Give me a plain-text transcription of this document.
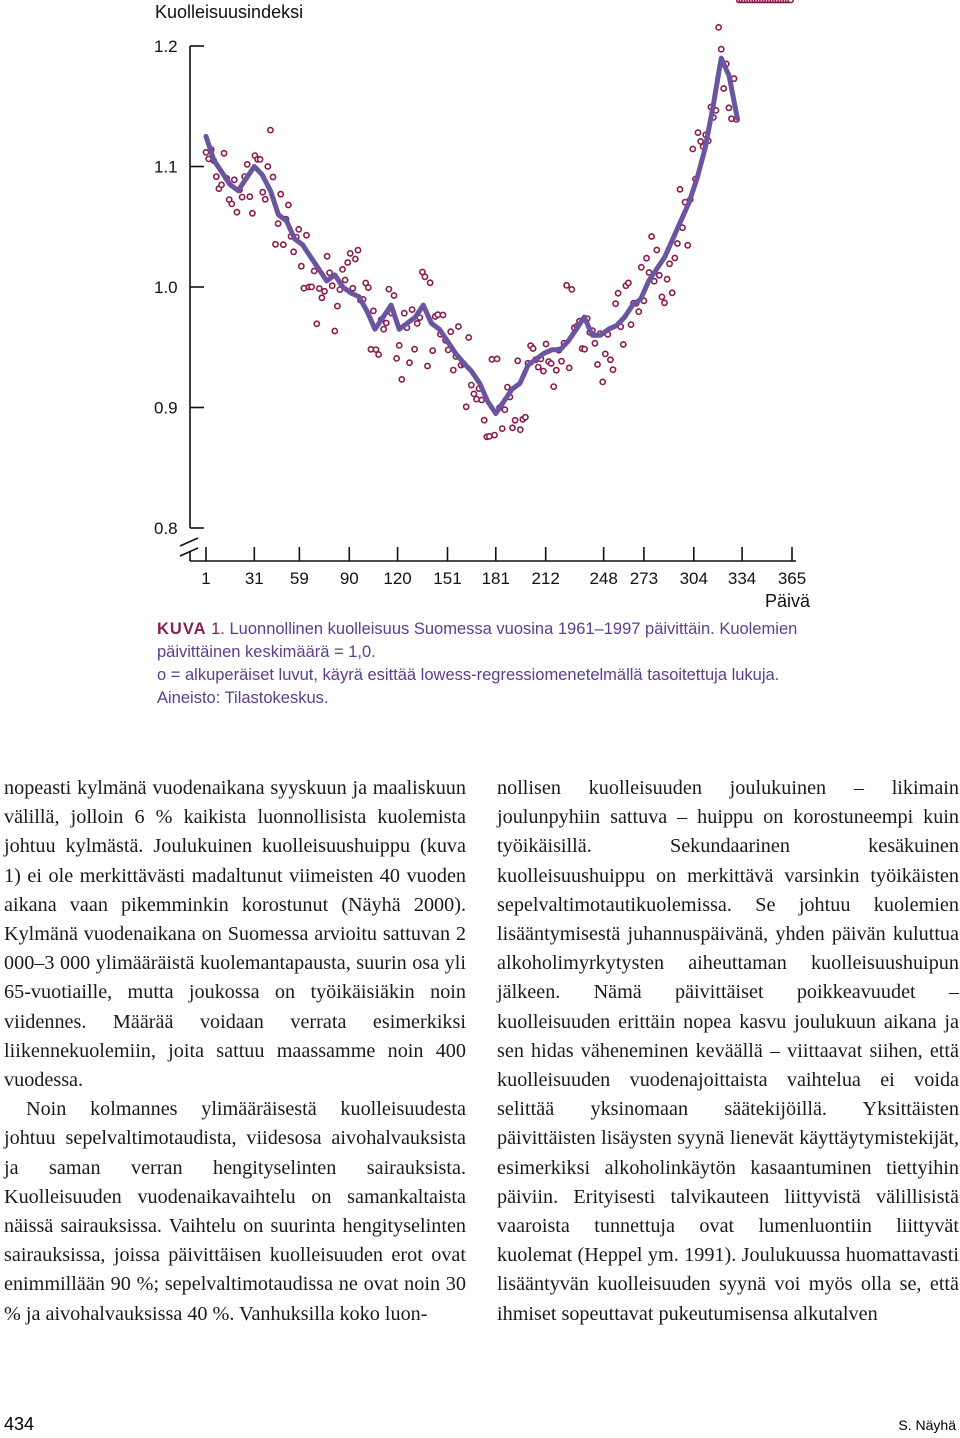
Kuolleisuusindeksi
1.2
1.1
1.0
0.9
0.8
1 31 59 90 120 151 181 212 248 273 304 334 365
Päivä
KUVA 1. Luonnollinen kuolleisuus Suomessa vuosina 1961–1997 päivittäin. Kuolemien päivittäinen keskimäärä = 1,0.
o = alkuperäiset luvut, käyrä esittää lowess-regressiomenetelmällä tasoitettuja lukuja.
Aineisto: Tilastokeskus.

nopeasti kylmänä vuodenaikana syyskuun ja maaliskuun välillä, jolloin 6 % kaikista luonnollisista kuolemista johtuu kylmästä. Joulukuinen kuolleisuushuippu (kuva 1) ei ole merkittävästi madaltunut viimeisten 40 vuoden aikana vaan pikemminkin korostunut (Näyhä 2000). Kylmänä vuodenaikana on Suomessa arvioitu sattuvan 2 000–3 000 ylimääräistä kuolemantapausta, suurin osa yli 65-vuotiaille, mutta joukossa on työikäisiäkin noin viidennes. Määrää voidaan verrata esimerkiksi liikennekuolemiin, joita sattuu maassamme noin 400 vuodessa.

Noin kolmannes ylimääräisestä kuolleisuudesta johtuu sepelvaltimotaudista, viidesosa aivohalvauksista ja saman verran hengityselinten sairauksista. Kuolleisuuden vuodenaikavaihtelu on samankaltaista näissä sairauksissa. Vaihtelu on suurinta hengityselinten sairauksissa, joissa päivittäisen kuolleisuuden erot ovat enimmillään 90 %; sepelvaltimotaudissa ne ovat noin 30 % ja aivohalvauksissa 40 %. Vanhuksilla koko luon-

nollisen kuolleisuuden joulukuinen – likimain joulunpyhiin sattuva – huippu on korostuneempi kuin työikäisillä. Sekundaarinen kesäkuinen kuolleisuushuippu on merkittävä varsinkin työikäisten sepelvaltimotautikuolemissa. Se johtuu kuolemien lisääntymisestä juhannuspäivänä, yhden päivän kuluttua alkoholimyrkytysten aiheuttaman kuolleisuushuipun jälkeen. Nämä päivittäiset poikkeavuudet – kuolleisuuden erittäin nopea kasvu joulukuun aikana ja sen hidas väheneminen keväällä – viittaavat siihen, että kuolleisuuden vuodenajoittaista vaihtelua ei voida selittää yksinomaan säätekijöillä. Yksittäisten päivittäisten lisäysten syynä lienevät käyttäytymistekijät, esimerkiksi alkoholinkäytön kasaantuminen tiettyihin päiviin. Erityisesti talvikauteen liittyvistä välillisistä vaaroista tunnettuja ovat lumenluontiin liittyvät kuolemat (Heppel ym. 1991). Joulukuussa huomattavasti lisääntyvän kuolleisuuden syynä voi myös olla se, että ihmiset sopeuttavat pukeutumisensa alkutalven

434	S. Näyhä
